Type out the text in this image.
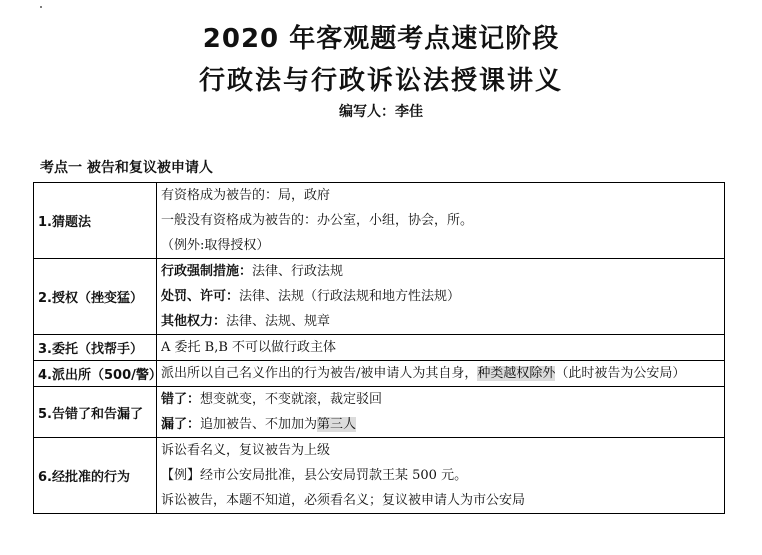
2020 年客观题考点速记阶段
行政法与行政诉讼法授课讲义
编写人：李佳
考点一 被告和复议被申请人
1.猜题法	有资格成为被告的：局，政府
一般没有资格成为被告的：办公室，小组，协会，所。
（例外:取得授权）

2.授权（挫变猛）	行政强制措施：法律、行政法规
处罚、许可：法律、法规（行政法规和地方性法规）
其他权力：法律、法规、规章

3.委托（找帮手）	A 委托 B,B 不可以做行政主体

4.派出所（500/警）	派出所以自己名义作出的行为被告/被申请人为其自身，种类越权除外（此时被告为公安局）

5.告错了和告漏了	错了：想变就变，不变就滚，裁定驳回
漏了：追加被告、不加加为第三人

6.经批准的行为	诉讼看名义，复议被告为上级
【例】经市公安局批准，县公安局罚款王某 500 元。
诉讼被告，本题不知道，必须看名义；复议被申请人为市公安局
